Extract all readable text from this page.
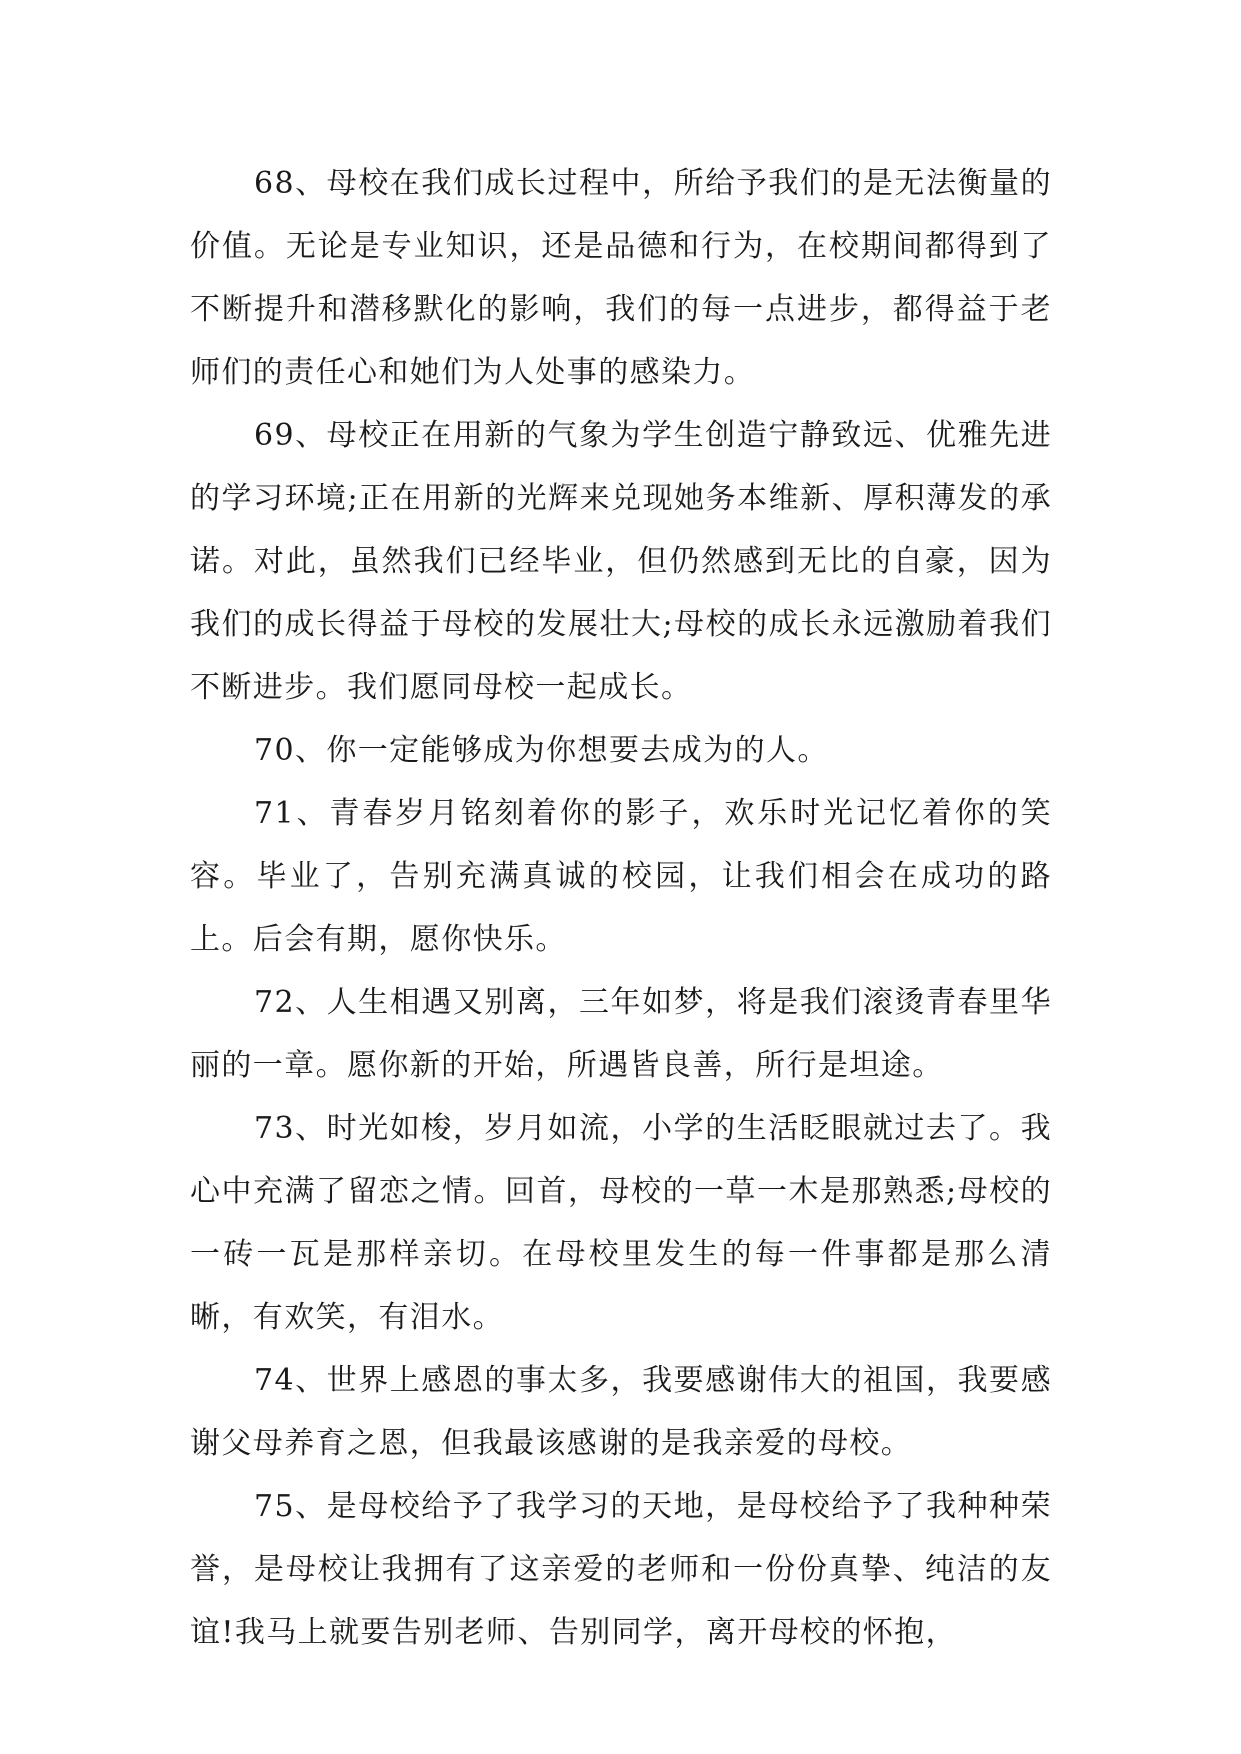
68、母校在我们成长过程中，所给予我们的是无法衡量的价值。无论是专业知识，还是品德和行为，在校期间都得到了不断提升和潜移默化的影响，我们的每一点进步，都得益于老师们的责任心和她们为人处事的感染力。

69、母校正在用新的气象为学生创造宁静致远、优雅先进的学习环境;正在用新的光辉来兑现她务本维新、厚积薄发的承诺。对此，虽然我们已经毕业，但仍然感到无比的自豪，因为我们的成长得益于母校的发展壮大;母校的成长永远激励着我们不断进步。我们愿同母校一起成长。

70、你一定能够成为你想要去成为的人。

71、青春岁月铭刻着你的影子，欢乐时光记忆着你的笑容。毕业了，告别充满真诚的校园，让我们相会在成功的路上。后会有期，愿你快乐。

72、人生相遇又别离，三年如梦，将是我们滚烫青春里华丽的一章。愿你新的开始，所遇皆良善，所行是坦途。

73、时光如梭，岁月如流，小学的生活眨眼就过去了。我心中充满了留恋之情。回首，母校的一草一木是那熟悉;母校的一砖一瓦是那样亲切。在母校里发生的每一件事都是那么清晰，有欢笑，有泪水。

74、世界上感恩的事太多，我要感谢伟大的祖国，我要感谢父母养育之恩，但我最该感谢的是我亲爱的母校。

75、是母校给予了我学习的天地，是母校给予了我种种荣誉，是母校让我拥有了这亲爱的老师和一份份真挚、纯洁的友谊!我马上就要告别老师、告别同学，离开母校的怀抱，
